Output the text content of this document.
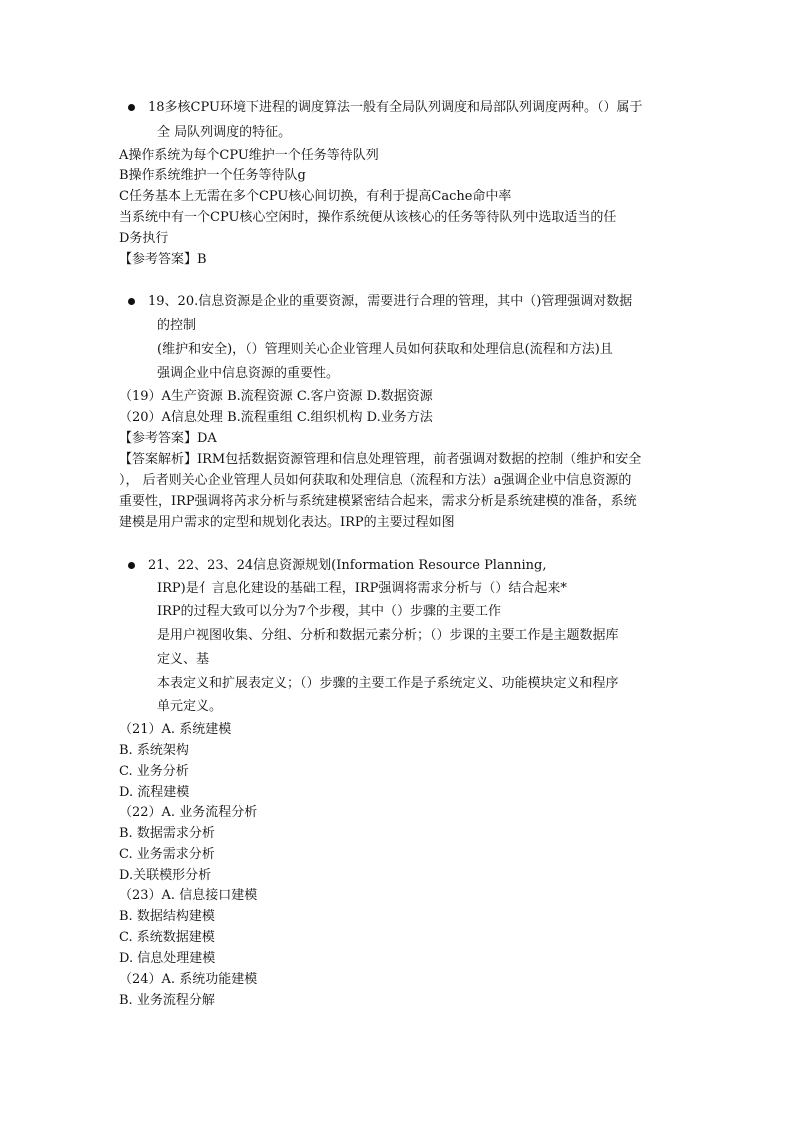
18多核CPU环境下进程的调度算法一般有全局队列调度和局部队列调度两种。（）属于
全 局队列调度的特征。
A操作系统为每个CPU维护一个任务等待队列
B操作系统维护一个任务等待队g
C任务基本上无需在多个CPU核心间切换，有利于提高Cache命中率
当系统中有一个CPU核心空闲时，操作系统便从该核心的任务等待队列中选取适当的任
D务执行
【参考答案】B
19、20.信息资源是企业的重要资源，需要进行合理的管理，其中（)管理强调对数据
的控制
(维护和安全)，（）管理则关心企业管理人员如何获取和处理信息(流程和方法)且
强调企业中信息资源的重要性。
（19）A生产资源 B.流程资源 C.客户资源 D.数据资源
（20）A信息处理 B.流程重组 C.组织机构 D.业务方法
【参考答案】DA
【答案解析】IRM包括数据资源管理和信息处理管理，前者强调对数据的控制（维护和安全
）， 后者则关心企业管理人员如何获取和处理信息（流程和方法）a强调企业中信息资源的
重要性，IRP强调将芮求分析与系统建模紧密结合起来，需求分析是系统建模的准备，系统
建模是用户需求的定型和规划化表达。IRP的主要过程如图
21、22、23、24信息资源规划(Information Resource Planning,
IRP)是亻言息化建设的基础工程，IRP强调将需求分析与（）结合起来*
IRP的过程大致可以分为7个步稷，其中（）步骤的主要工作
是用户视图收集、分组、分析和数据元素分析；（）步课的主要工作是主题数据库
定义、基
本表定义和扩展表定义；（）步骤的主要工作是子系统定义、功能模块定义和程序
单元定义。
（21）A. 系统建模
B. 系统架构
C. 业务分析
D. 流程建模
（22）A. 业务流程分析
B. 数据需求分析
C. 业务需求分析
D.关联模形分析
（23）A. 信息接口建模
B. 数据结构建模
C. 系统数据建模
D. 信息处理建模
（24）A. 系统功能建模
B. 业务流程分解
